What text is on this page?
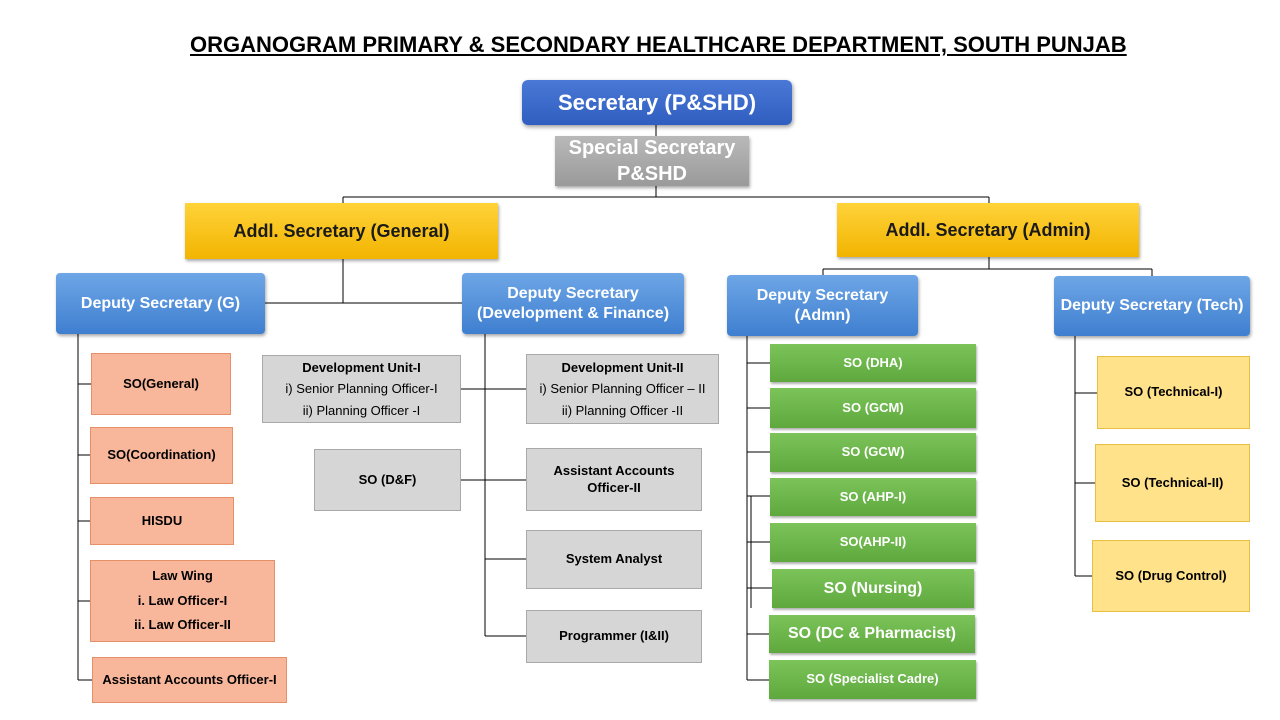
ORGANOGRAM PRIMARY & SECONDARY HEALTHCARE DEPARTMENT, SOUTH PUNJAB
Secretary (P&SHD)
Special Secretary
P&SHD
Addl. Secretary (General)	Addl. Secretary (Admin)
Deputy Secretary (G)
Deputy Secretary
(Development & Finance)
Deputy Secretary
(Admn)
Deputy Secretary (Tech)
SO(General)
SO(Coordination)
HISDU
Law Wing
i. Law Officer-I
ii. Law Officer-II
Assistant Accounts Officer-I
Development Unit-I
i) Senior Planning Officer-I
ii) Planning Officer -I
Development Unit-II
i) Senior Planning Officer – II
ii) Planning Officer -II
SO (D&F)
Assistant Accounts
Officer-II
System Analyst
Programmer (I&II)
SO (DHA)
SO (GCM)
SO (GCW)
SO (AHP-I)
SO(AHP-II)
SO (Nursing)
SO (DC & Pharmacist)
SO (Specialist Cadre)
SO (Technical-I)
SO (Technical-II)
SO (Drug Control)
